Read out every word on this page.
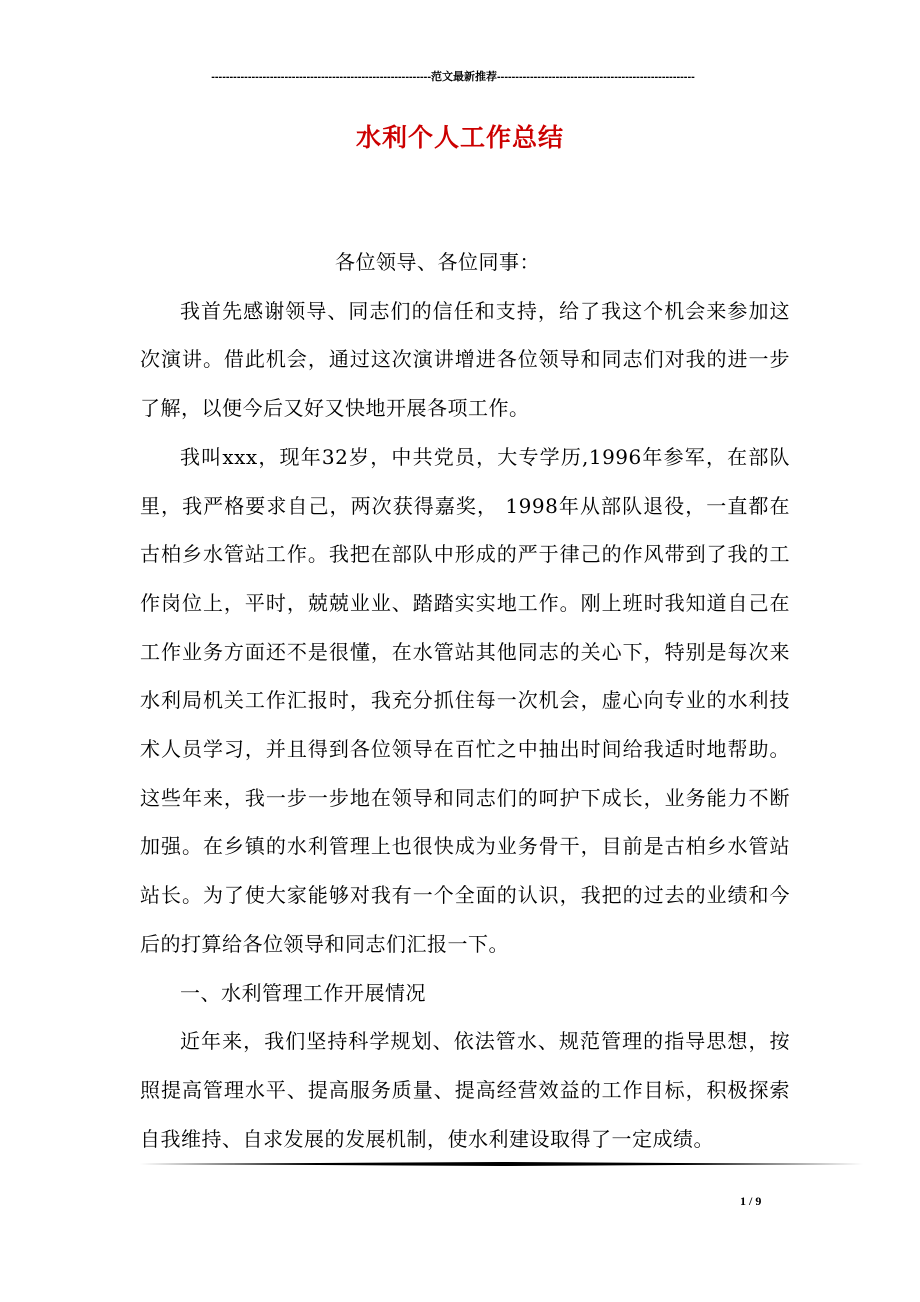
------------------------------------------------------------范文最新推荐------------------------------------------------------
水利个人工作总结

各位领导、各位同事：

我首先感谢领导、同志们的信任和支持，给了我这个机会来参加这次演讲。借此机会，通过这次演讲增进各位领导和同志们对我的进一步了解，以便今后又好又快地开展各项工作。

我叫xxx，现年32岁，中共党员，大专学历,1996年参军，在部队里，我严格要求自己，两次获得嘉奖， 1998年从部队退役，一直都在古柏乡水管站工作。我把在部队中形成的严于律己的作风带到了我的工作岗位上，平时，兢兢业业、踏踏实实地工作。刚上班时我知道自己在工作业务方面还不是很懂，在水管站其他同志的关心下，特别是每次来水利局机关工作汇报时，我充分抓住每一次机会，虚心向专业的水利技术人员学习，并且得到各位领导在百忙之中抽出时间给我适时地帮助。这些年来，我一步一步地在领导和同志们的呵护下成长，业务能力不断加强。在乡镇的水利管理上也很快成为业务骨干，目前是古柏乡水管站站长。为了使大家能够对我有一个全面的认识，我把的过去的业绩和今后的打算给各位领导和同志们汇报一下。

一、水利管理工作开展情况

近年来，我们坚持科学规划、依法管水、规范管理的指导思想，按照提高管理水平、提高服务质量、提高经营效益的工作目标，积极探索自我维持、自求发展的发展机制，使水利建设取得了一定成绩。

1 / 9
